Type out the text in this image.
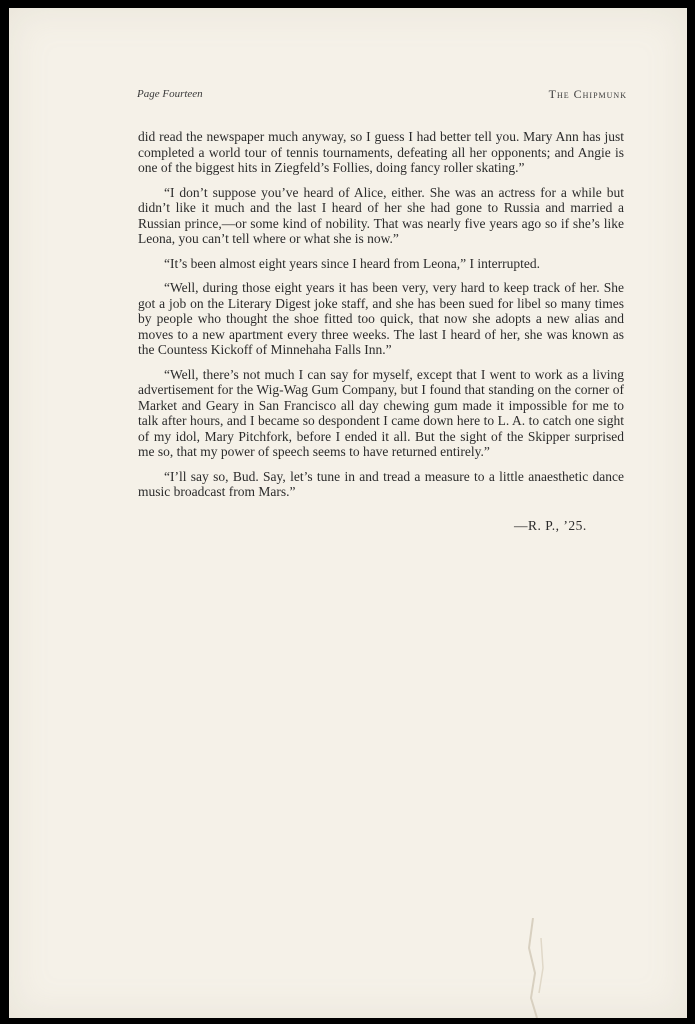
Page Fourteen	The Chipmunk

did read the newspaper much anyway, so I guess I had better tell you. Mary Ann has just completed a world tour of tennis tournaments, defeating all her opponents; and Angie is one of the biggest hits in Ziegfeld’s Follies, doing fancy roller skating.”

“I don’t suppose you’ve heard of Alice, either. She was an actress for a while but didn’t like it much and the last I heard of her she had gone to Russia and married a Russian prince,—or some kind of nobility. That was nearly five years ago so if she’s like Leona, you can’t tell where or what she is now.”

“It’s been almost eight years since I heard from Leona,” I interrupted.

“Well, during those eight years it has been very, very hard to keep track of her. She got a job on the Literary Digest joke staff, and she has been sued for libel so many times by people who thought the shoe fitted too quick, that now she adopts a new alias and moves to a new apartment every three weeks. The last I heard of her, she was known as the Countess Kickoff of Minnehaha Falls Inn.”

“Well, there’s not much I can say for myself, except that I went to work as a living advertisement for the Wig-Wag Gum Company, but I found that standing on the corner of Market and Geary in San Francisco all day chewing gum made it impossible for me to talk after hours, and I became so despondent I came down here to L. A. to catch one sight of my idol, Mary Pitchfork, before I ended it all. But the sight of the Skipper surprised me so, that my power of speech seems to have returned entirely.”

“I’ll say so, Bud. Say, let’s tune in and tread a measure to a little anaesthetic dance music broadcast from Mars.”

—R. P., ’25.
